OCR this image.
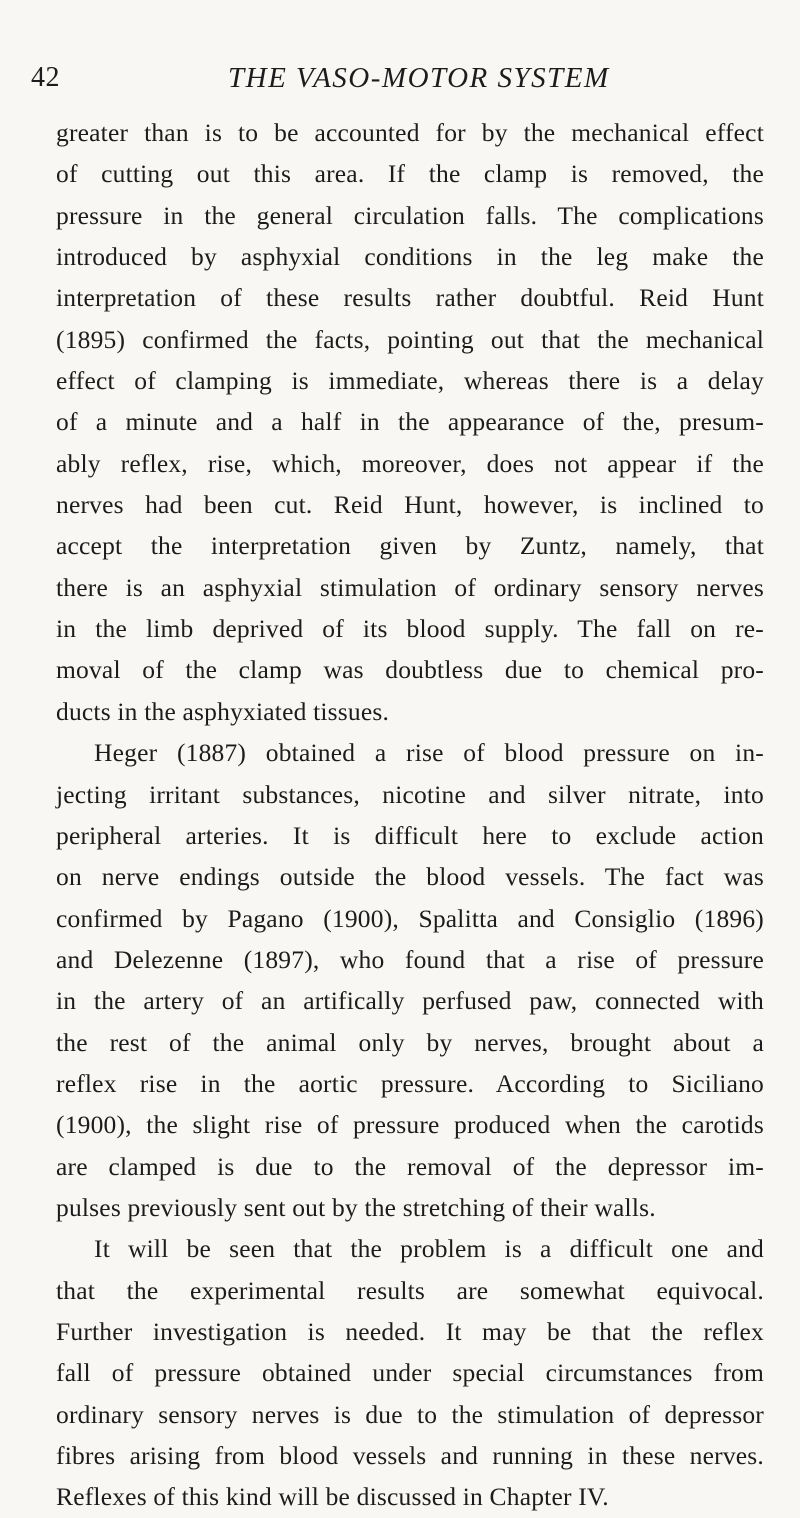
42	THE VASO-MOTOR SYSTEM
greater than is to be accounted for by the mechanical effect
of cutting out this area. If the clamp is removed, the
pressure in the general circulation falls. The complications
introduced by asphyxial conditions in the leg make the
interpretation of these results rather doubtful. Reid Hunt
(1895) confirmed the facts, pointing out that the mechanical
effect of clamping is immediate, whereas there is a delay
of a minute and a half in the appearance of the, presum-
ably reflex, rise, which, moreover, does not appear if the
nerves had been cut. Reid Hunt, however, is inclined to
accept the interpretation given by Zuntz, namely, that
there is an asphyxial stimulation of ordinary sensory nerves
in the limb deprived of its blood supply. The fall on re-
moval of the clamp was doubtless due to chemical pro-
ducts in the asphyxiated tissues.
Heger (1887) obtained a rise of blood pressure on in-
jecting irritant substances, nicotine and silver nitrate, into
peripheral arteries. It is difficult here to exclude action
on nerve endings outside the blood vessels. The fact was
confirmed by Pagano (1900), Spalitta and Consiglio (1896)
and Delezenne (1897), who found that a rise of pressure
in the artery of an artifically perfused paw, connected with
the rest of the animal only by nerves, brought about a
reflex rise in the aortic pressure. According to Siciliano
(1900), the slight rise of pressure produced when the carotids
are clamped is due to the removal of the depressor im-
pulses previously sent out by the stretching of their walls.
It will be seen that the problem is a difficult one and
that the experimental results are somewhat equivocal.
Further investigation is needed. It may be that the reflex
fall of pressure obtained under special circumstances from
ordinary sensory nerves is due to the stimulation of depressor
fibres arising from blood vessels and running in these nerves.
Reflexes of this kind will be discussed in Chapter IV.
